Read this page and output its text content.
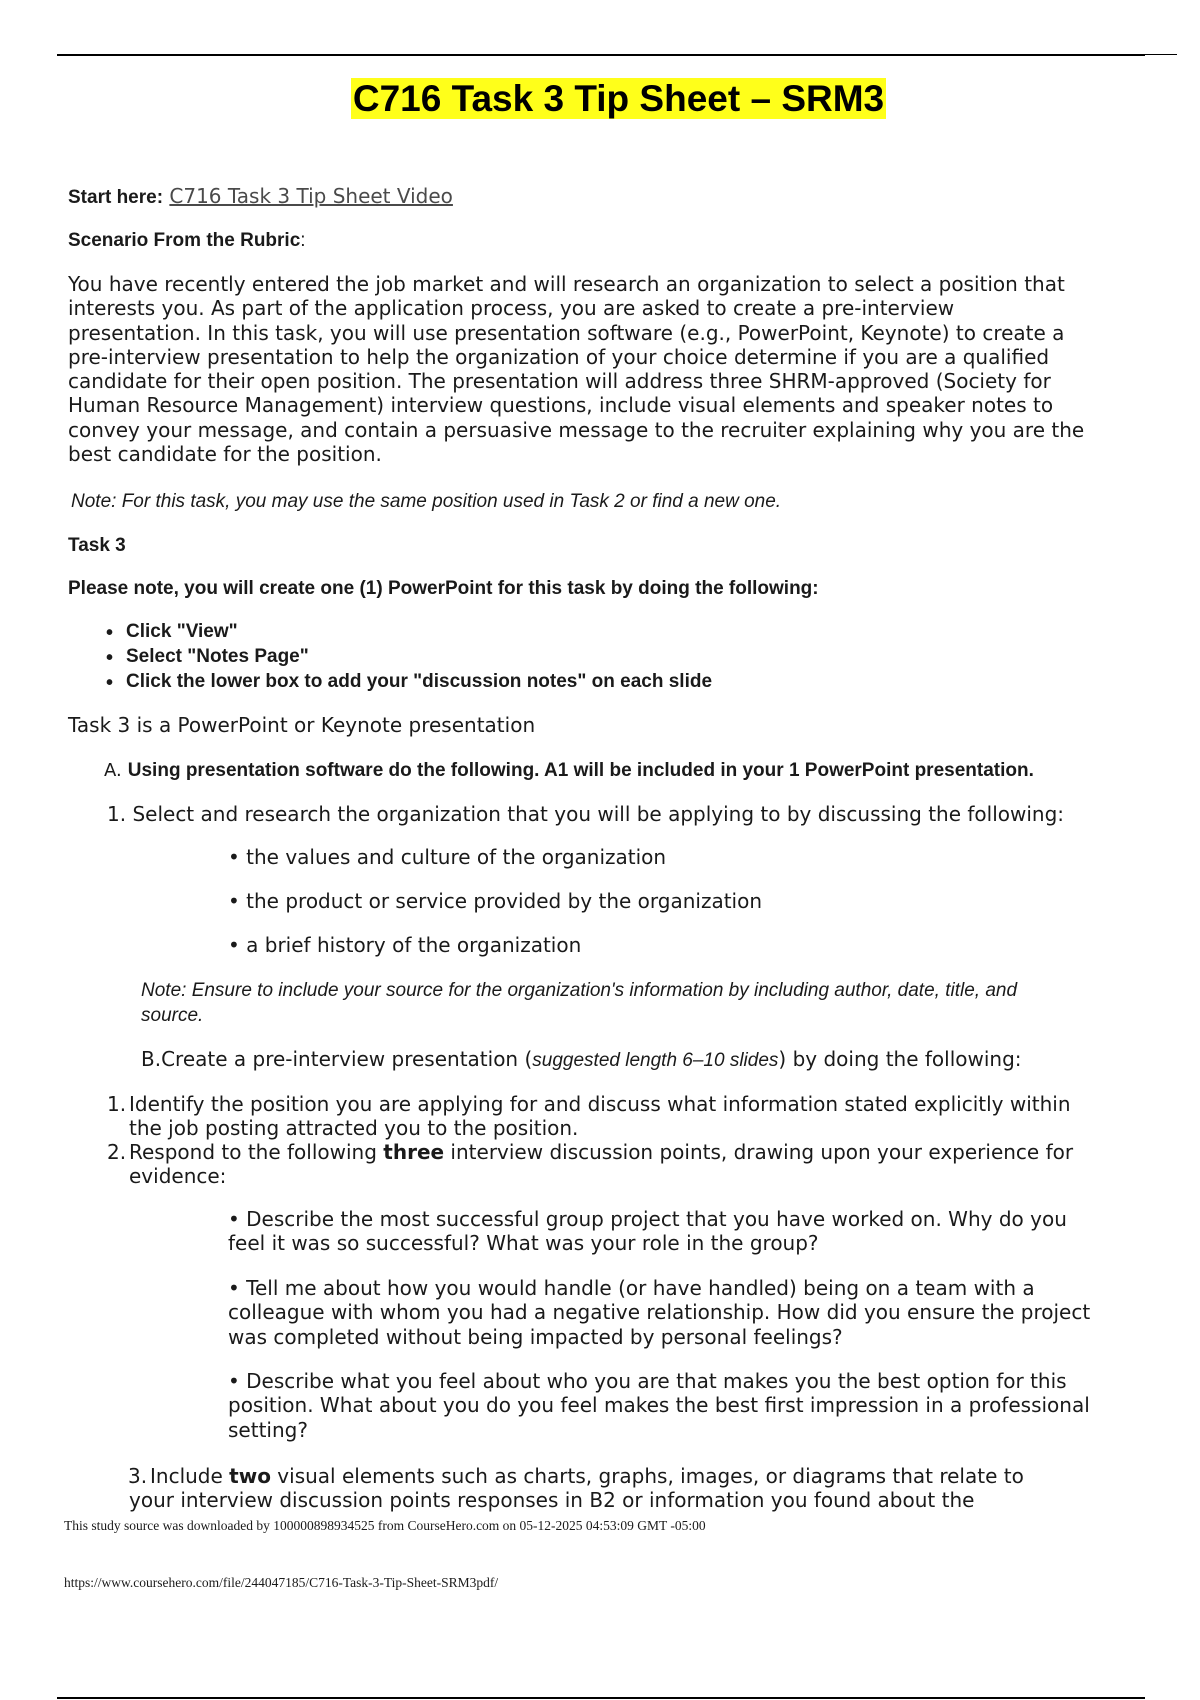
C716 Task 3 Tip Sheet – SRM3
Start here: C716 Task 3 Tip Sheet Video
Scenario From the Rubric:
You have recently entered the job market and will research an organization to select a position that
interests you. As part of the application process, you are asked to create a pre-interview
presentation. In this task, you will use presentation software (e.g., PowerPoint, Keynote) to create a
pre-interview presentation to help the organization of your choice determine if you are a qualified
candidate for their open position. The presentation will address three SHRM-approved (Society for
Human Resource Management) interview questions, include visual elements and speaker notes to
convey your message, and contain a persuasive message to the recruiter explaining why you are the
best candidate for the position.
Note: For this task, you may use the same position used in Task 2 or find a new one.
Task 3
Please note, you will create one (1) PowerPoint for this task by doing the following:
• Click "View"
• Select "Notes Page"
• Click the lower box to add your "discussion notes" on each slide
Task 3 is a PowerPoint or Keynote presentation
A. Using presentation software do the following. A1 will be included in your 1 PowerPoint presentation.
1. Select and research the organization that you will be applying to by discussing the following:
• the values and culture of the organization
• the product or service provided by the organization
• a brief history of the organization
Note: Ensure to include your source for the organization's information by including author, date, title, and
source.
B.Create a pre-interview presentation (suggested length 6–10 slides) by doing the following:
1. Identify the position you are applying for and discuss what information stated explicitly within
the job posting attracted you to the position.
2. Respond to the following three interview discussion points, drawing upon your experience for
evidence:
• Describe the most successful group project that you have worked on. Why do you
feel it was so successful? What was your role in the group?
• Tell me about how you would handle (or have handled) being on a team with a
colleague with whom you had a negative relationship. How did you ensure the project
was completed without being impacted by personal feelings?
• Describe what you feel about who you are that makes you the best option for this
position. What about you do you feel makes the best first impression in a professional
setting?
3. Include two visual elements such as charts, graphs, images, or diagrams that relate to
your interview discussion points responses in B2 or information you found about the
This study source was downloaded by 100000898934525 from CourseHero.com on 05-12-2025 04:53:09 GMT -05:00
https://www.coursehero.com/file/244047185/C716-Task-3-Tip-Sheet-SRM3pdf/
